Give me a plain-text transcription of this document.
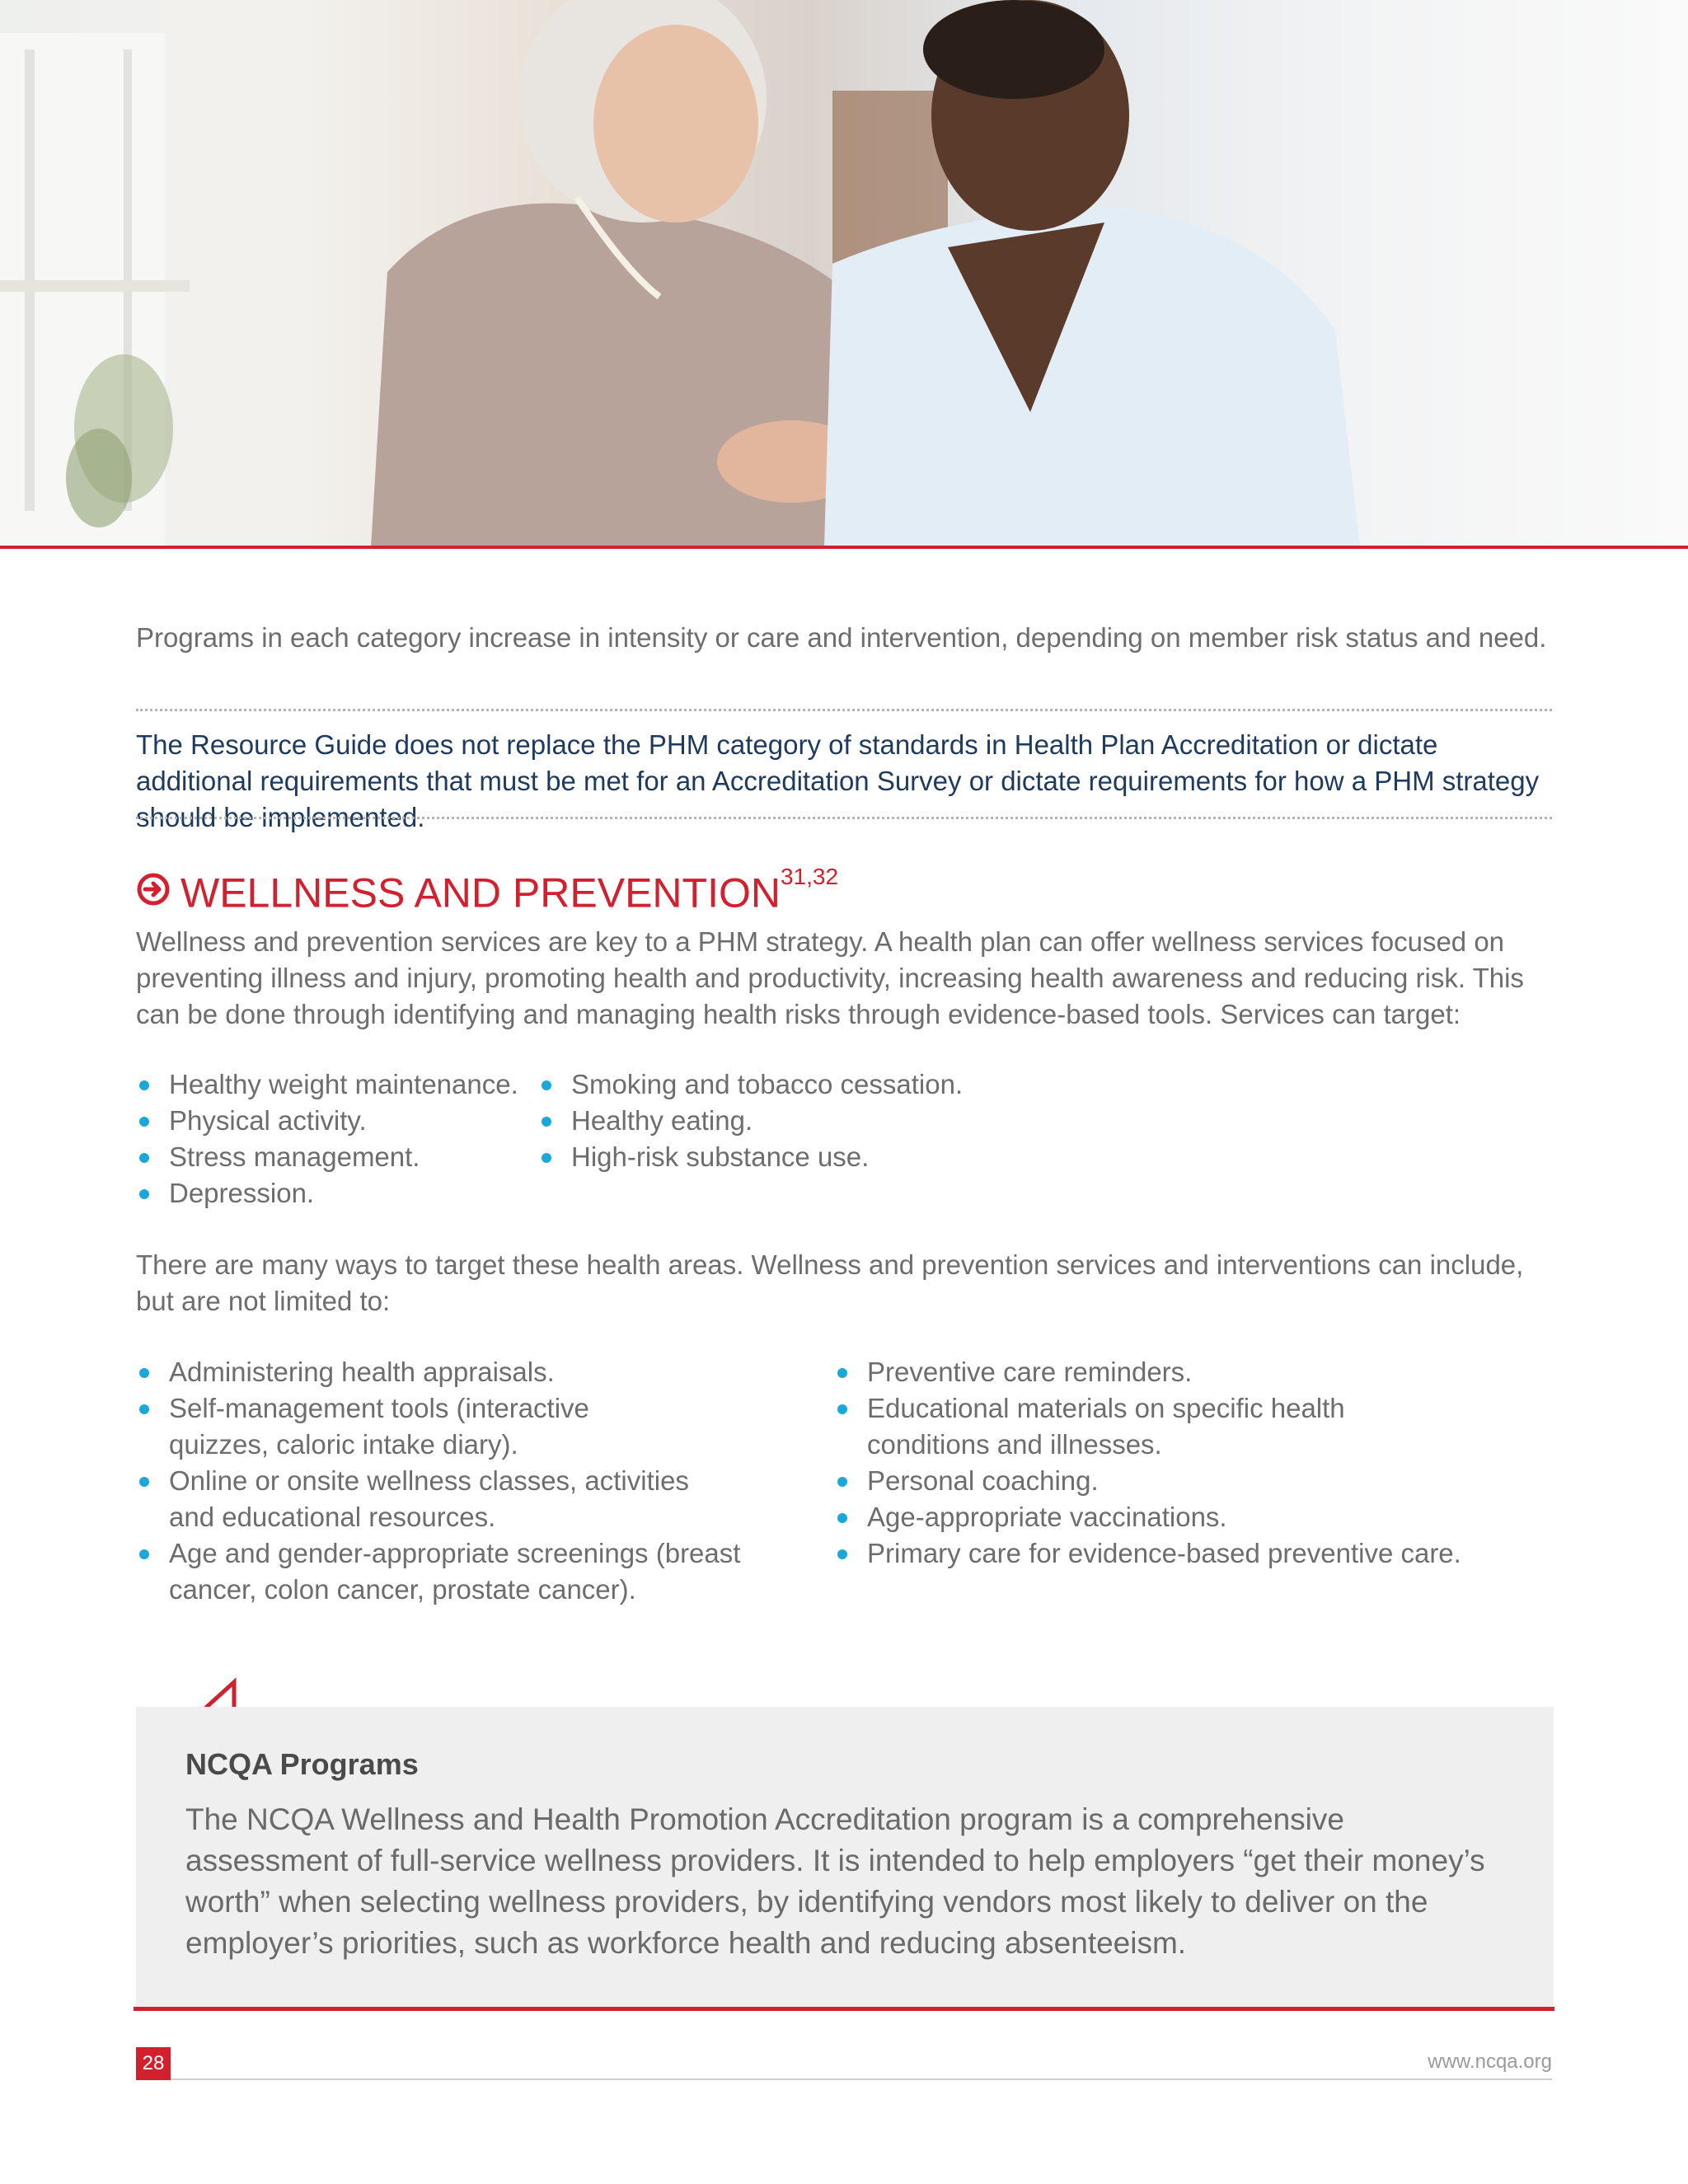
Programs in each category increase in intensity or care and intervention, depending on member risk status and need.

The Resource Guide does not replace the PHM category of standards in Health Plan Accreditation or dictate additional requirements that must be met for an Accreditation Survey or dictate requirements for how a PHM strategy should be implemented.

WELLNESS AND PREVENTION$^{31,32}$

Wellness and prevention services are key to a PHM strategy. A health plan can offer wellness services focused on preventing illness and injury, promoting health and productivity, increasing health awareness and reducing risk. This can be done through identifying and managing health risks through evidence-based tools. Services can target:

Healthy weight maintenance.
Physical activity.
Stress management.
Depression.
Smoking and tobacco cessation.
Healthy eating.
High-risk substance use.

There are many ways to target these health areas. Wellness and prevention services and interventions can include, but are not limited to:

Administering health appraisals.
Self-management tools (interactive quizzes, caloric intake diary).
Online or onsite wellness classes, activities and educational resources.
Age and gender-appropriate screenings (breast cancer, colon cancer, prostate cancer).
Preventive care reminders.
Educational materials on specific health conditions and illnesses.
Personal coaching.
Age-appropriate vaccinations.
Primary care for evidence-based preventive care.

NCQA Programs

The NCQA Wellness and Health Promotion Accreditation program is a comprehensive assessment of full-service wellness providers. It is intended to help employers “get their money’s worth” when selecting wellness providers, by identifying vendors most likely to deliver on the employer’s priorities, such as workforce health and reducing absenteeism.

28	www.ncqa.org
